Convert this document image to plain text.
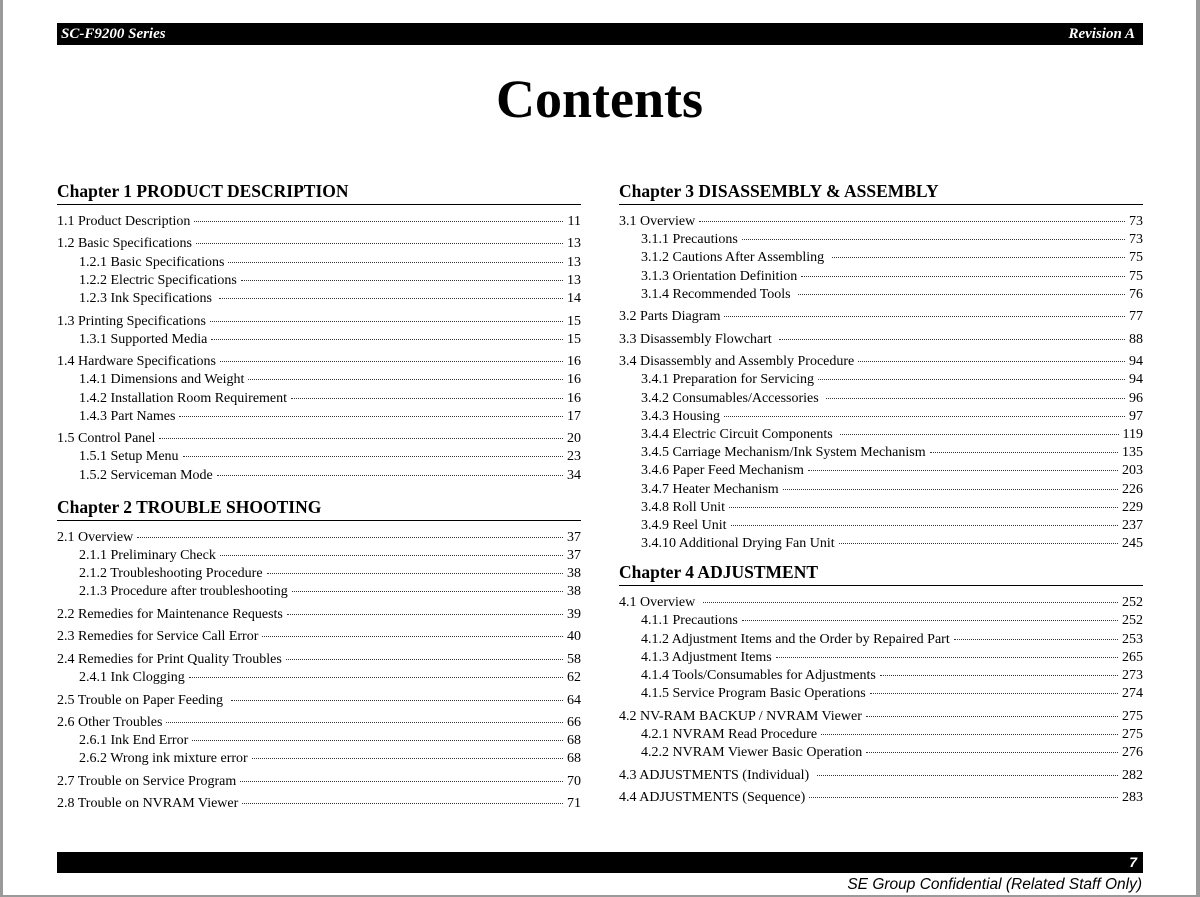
SC-F9200 Series	Revision A
Contents
Chapter 1 PRODUCT DESCRIPTION
1.1 Product Description	11
1.2 Basic Specifications	13
1.2.1 Basic Specifications	13
1.2.2 Electric Specifications	13
1.2.3 Ink Specifications	14
1.3 Printing Specifications	15
1.3.1 Supported Media	15
1.4 Hardware Specifications	16
1.4.1 Dimensions and Weight	16
1.4.2 Installation Room Requirement	16
1.4.3 Part Names	17
1.5 Control Panel	20
1.5.1 Setup Menu	23
1.5.2 Serviceman Mode	34
Chapter 2 TROUBLE SHOOTING
2.1 Overview	37
2.1.1 Preliminary Check	37
2.1.2 Troubleshooting Procedure	38
2.1.3 Procedure after troubleshooting	38
2.2 Remedies for Maintenance Requests	39
2.3 Remedies for Service Call Error	40
2.4 Remedies for Print Quality Troubles	58
2.4.1 Ink Clogging	62
2.5 Trouble on Paper Feeding	64
2.6 Other Troubles	66
2.6.1 Ink End Error	68
2.6.2 Wrong ink mixture error	68
2.7 Trouble on Service Program	70
2.8 Trouble on NVRAM Viewer	71
Chapter 3 DISASSEMBLY & ASSEMBLY
3.1 Overview	73
3.1.1 Precautions	73
3.1.2 Cautions After Assembling	75
3.1.3 Orientation Definition	75
3.1.4 Recommended Tools	76
3.2 Parts Diagram	77
3.3 Disassembly Flowchart	88
3.4 Disassembly and Assembly Procedure	94
3.4.1 Preparation for Servicing	94
3.4.2 Consumables/Accessories	96
3.4.3 Housing	97
3.4.4 Electric Circuit Components	119
3.4.5 Carriage Mechanism/Ink System Mechanism	135
3.4.6 Paper Feed Mechanism	203
3.4.7 Heater Mechanism	226
3.4.8 Roll Unit	229
3.4.9 Reel Unit	237
3.4.10 Additional Drying Fan Unit	245
Chapter 4 ADJUSTMENT
4.1 Overview	252
4.1.1 Precautions	252
4.1.2 Adjustment Items and the Order by Repaired Part	253
4.1.3 Adjustment Items	265
4.1.4 Tools/Consumables for Adjustments	273
4.1.5 Service Program Basic Operations	274
4.2 NV-RAM BACKUP / NVRAM Viewer	275
4.2.1 NVRAM Read Procedure	275
4.2.2 NVRAM Viewer Basic Operation	276
4.3 ADJUSTMENTS (Individual)	282
4.4 ADJUSTMENTS (Sequence)	283
7
SE Group Confidential (Related Staff Only)
